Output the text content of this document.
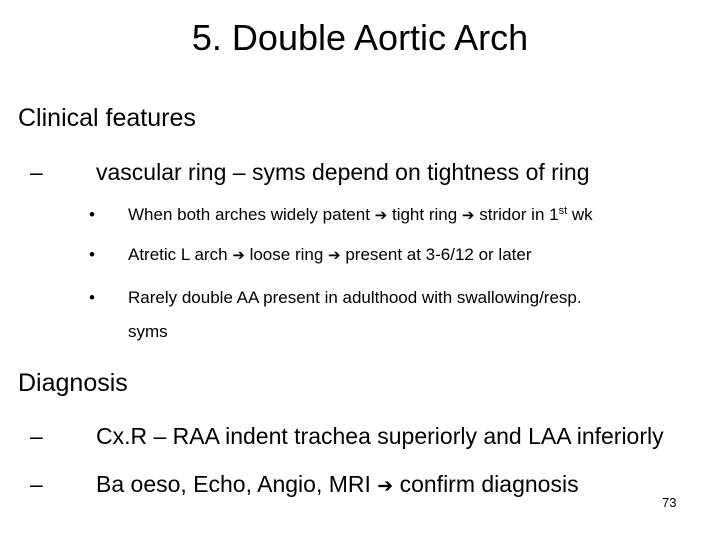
5. Double Aortic Arch
Clinical features
– vascular ring – syms depend on tightness of ring
• When both arches widely patent ➔ tight ring ➔ stridor in 1st wk
• Atretic L arch ➔ loose ring ➔ present at 3-6/12 or later
• Rarely double AA present in adulthood with swallowing/resp.
syms
Diagnosis
– Cx.R – RAA indent trachea superiorly and LAA inferiorly
– Ba oeso, Echo, Angio, MRI ➔ confirm diagnosis
73
